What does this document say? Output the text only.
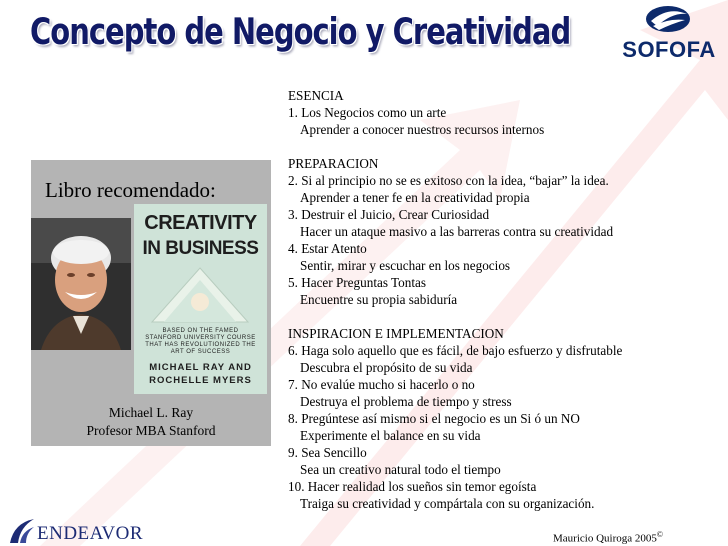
Concepto de Negocio y Creatividad	SOFOFA
Libro recomendado:
CREATIVITY
IN BUSINESS
BASED ON THE FAMED STANFORD UNIVERSITY COURSE THAT HAS REVOLUTIONIZED THE ART OF SUCCESS
MICHAEL RAY AND
ROCHELLE MYERS
Michael L. Ray
Profesor MBA Stanford
ESENCIA
1. Los Negocios como un arte
Aprender a conocer nuestros recursos internos
PREPARACION
2. Si al principio no se es exitoso con la idea, “bajar” la idea.
Aprender a tener fe en la creatividad propia
3. Destruir el Juicio, Crear Curiosidad
Hacer un ataque masivo a las barreras contra su creatividad
4. Estar Atento
Sentir, mirar y escuchar en los negocios
5. Hacer Preguntas Tontas
Encuentre su propia sabiduría
INSPIRACION E IMPLEMENTACION
6. Haga solo aquello que es fácil, de bajo esfuerzo y disfrutable
Descubra el propósito de su vida
7. No evalúe mucho si hacerlo o no
Destruya el problema de tiempo y stress
8. Pregúntese así mismo si el negocio es un Si ó un NO
Experimente el balance en su vida
9. Sea Sencillo
Sea un creativo natural todo el tiempo
10. Hacer realidad los sueños sin temor egoísta
Traiga su creatividad y compártala con su organización.
ENDEAVOR	Mauricio Quiroga 2005©
